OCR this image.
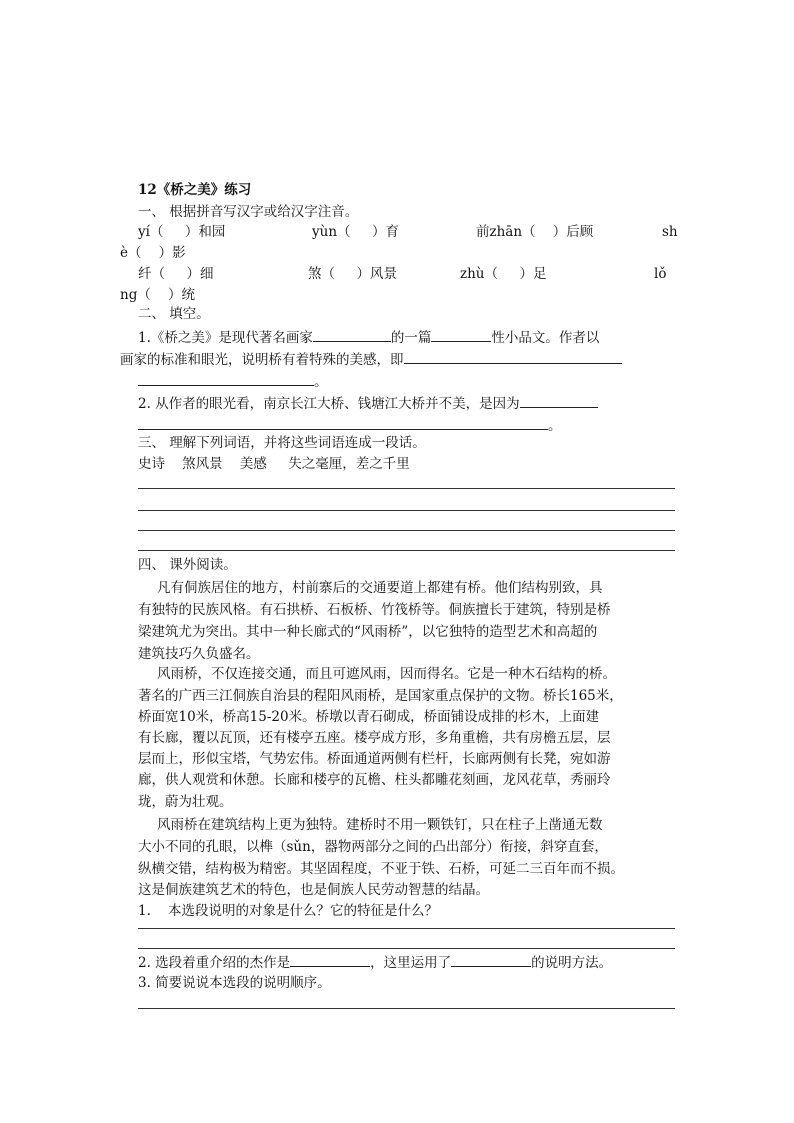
12《桥之美》练习
一、 根据拼音写汉字或给汉字注音。
yí（     ）和园	yùn（     ）育	前zhān（    ）后顾	sh
è（    ）影
纤（     ）细	煞（     ）风景	zhù（     ）足	lǒ
ng（    ）统
二、 填空。
1.《桥之美》是现代著名画家	的一篇	性小品文。作者以
画家的标准和眼光，说明桥有着特殊的美感，即
。
2. 从作者的眼光看，南京长江大桥、钱塘江大桥并不美，是因为
。
三、 理解下列词语，并将这些词语连成一段话。
史诗    煞风景    美感     失之毫厘，差之千里
四、 课外阅读。
凡有侗族居住的地方，村前寨后的交通要道上都建有桥。他们结构别致，具
有独特的民族风格。有石拱桥、石板桥、竹筏桥等。侗族擅长于建筑，特别是桥
梁建筑尤为突出。其中一种长廊式的“风雨桥”，以它独特的造型艺术和高超的
建筑技巧久负盛名。
风雨桥，不仅连接交通，而且可遮风雨，因而得名。它是一种木石结构的桥。
著名的广西三江侗族自治县的程阳风雨桥，是国家重点保护的文物。桥长165米，
桥面宽10米，桥高15-20米。桥墩以青石砌成，桥面铺设成排的杉木，上面建
有长廊，覆以瓦顶，还有楼亭五座。楼亭成方形，多角重檐，共有房檐五层，层
层而上，形似宝塔，气势宏伟。桥面通道两侧有栏杆，长廊两侧有长凳，宛如游
廊，供人观赏和休憩。长廊和楼亭的瓦檐、柱头都雕花刻画，龙风花草，秀丽玲
珑，蔚为壮观。
风雨桥在建筑结构上更为独特。建桥时不用一颗铁钉，只在柱子上凿通无数
大小不同的孔眼，以榫（sǔn，器物两部分之间的凸出部分）衔接，斜穿直套，
纵横交错，结构极为精密。其坚固程度，不亚于铁、石桥，可延二三百年而不损。
这是侗族建筑艺术的特色，也是侗族人民劳动智慧的结晶。
1.    本选段说明的对象是什么？它的特征是什么？
2. 选段着重介绍的杰作是	，这里运用了	的说明方法。
3. 简要说说本选段的说明顺序。
